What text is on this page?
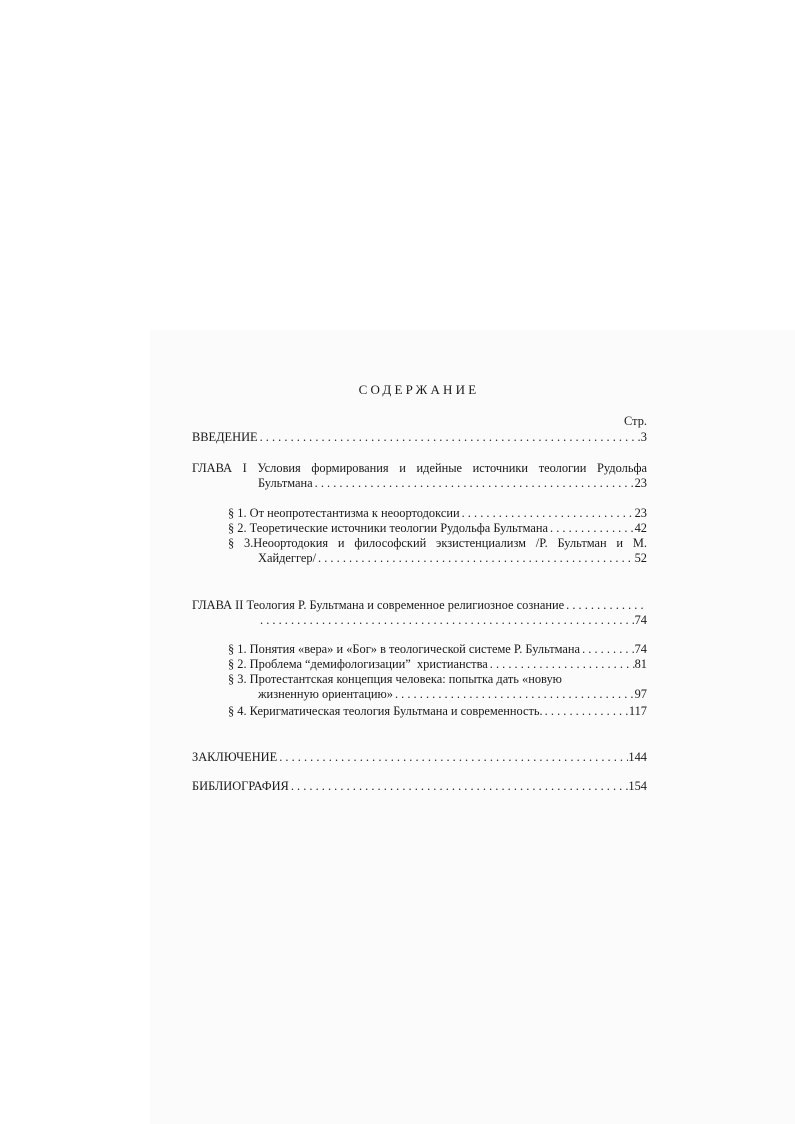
СОДЕРЖАНИЕ
Стр.
ВВЕДЕНИЕ . . .	3
ГЛАВА I Условия формирования и идейные источники теологии Рудольфа
Бультмана . . .	23
§ 1. От неопротестантизма к неоортодоксии . . .	23
§ 2. Теоретические источники теологии Рудольфа Бультмана . . .	42
§ 3.Неоортодокия и философский экзистенциализм /Р. Бультман и М.
Хайдеггер/ . . .	52
ГЛАВА II Теология Р. Бультмана и современное религиозное сознание
. . .
. . .
74
§ 1. Понятия «вера» и «Бог» в теологической системе Р. Бультмана . . .	74
§ 2. Проблема “демифологизации”  христианства . . .	81
§ 3. Протестантская концепция человека: попытка дать «новую
жизненную ориентацию» . . .	97
§ 4. Керигматическая теология Бультмана и современность. . . .	117
ЗАКЛЮЧЕНИЕ . . .	144
БИБЛИОГРАФИЯ . . .	154
